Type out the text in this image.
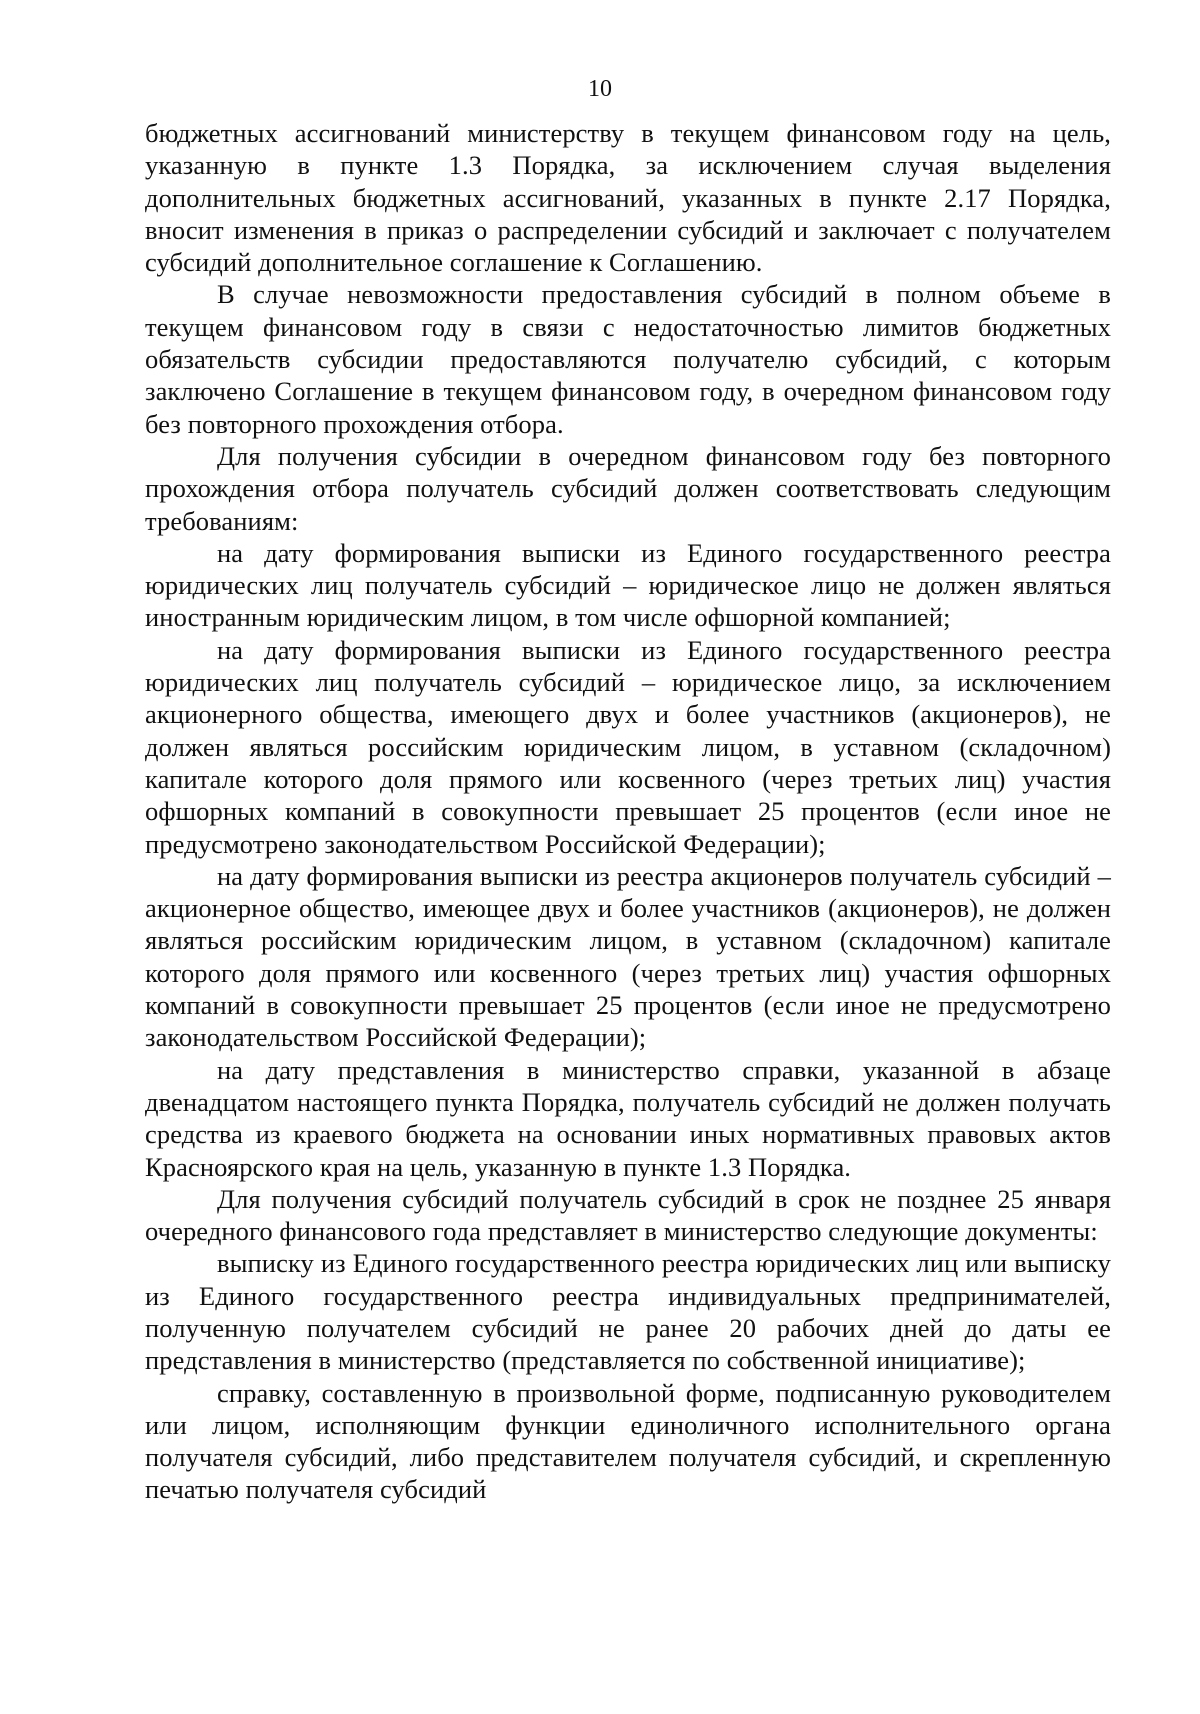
10

бюджетных ассигнований министерству в текущем финансовом году на цель, указанную в пункте 1.3 Порядка, за исключением случая выделения дополнительных бюджетных ассигнований, указанных в пункте 2.17 Порядка, вносит изменения в приказ о распределении субсидий и заключает с получателем субсидий дополнительное соглашение к Соглашению.

В случае невозможности предоставления субсидий в полном объеме в текущем финансовом году в связи с недостаточностью лимитов бюджетных обязательств субсидии предоставляются получателю субсидий, с которым заключено Соглашение в текущем финансовом году, в очередном финансовом году без повторного прохождения отбора.

Для получения субсидии в очередном финансовом году без повторного прохождения отбора получатель субсидий должен соответствовать следующим требованиям:

на дату формирования выписки из Единого государственного реестра юридических лиц получатель субсидий – юридическое лицо не должен являться иностранным юридическим лицом, в том числе офшорной компанией;

на дату формирования выписки из Единого государственного реестра юридических лиц получатель субсидий – юридическое лицо, за исключением акционерного общества, имеющего двух и более участников (акционеров), не должен являться российским юридическим лицом, в уставном (складочном) капитале которого доля прямого или косвенного (через третьих лиц) участия офшорных компаний в совокупности превышает 25 процентов (если иное не предусмотрено законодательством Российской Федерации);

на дату формирования выписки из реестра акционеров получатель субсидий – акционерное общество, имеющее двух и более участников (акционеров), не должен являться российским юридическим лицом, в уставном (складочном) капитале которого доля прямого или косвенного (через третьих лиц) участия офшорных компаний в совокупности превышает 25 процентов (если иное не предусмотрено законодательством Российской Федерации);

на дату представления в министерство справки, указанной в абзаце двенадцатом настоящего пункта Порядка, получатель субсидий не должен получать средства из краевого бюджета на основании иных нормативных правовых актов Красноярского края на цель, указанную в пункте 1.3 Порядка.

Для получения субсидий получатель субсидий в срок не позднее 25 января очередного финансового года представляет в министерство следующие документы:

выписку из Единого государственного реестра юридических лиц или выписку из Единого государственного реестра индивидуальных предпринимателей, полученную получателем субсидий не ранее 20 рабочих дней до даты ее представления в министерство (представляется по собственной инициативе);

справку, составленную в произвольной форме, подписанную руководителем или лицом, исполняющим функции единоличного исполнительного органа получателя субсидий, либо представителем получателя субсидий, и скрепленную печатью получателя субсидий
